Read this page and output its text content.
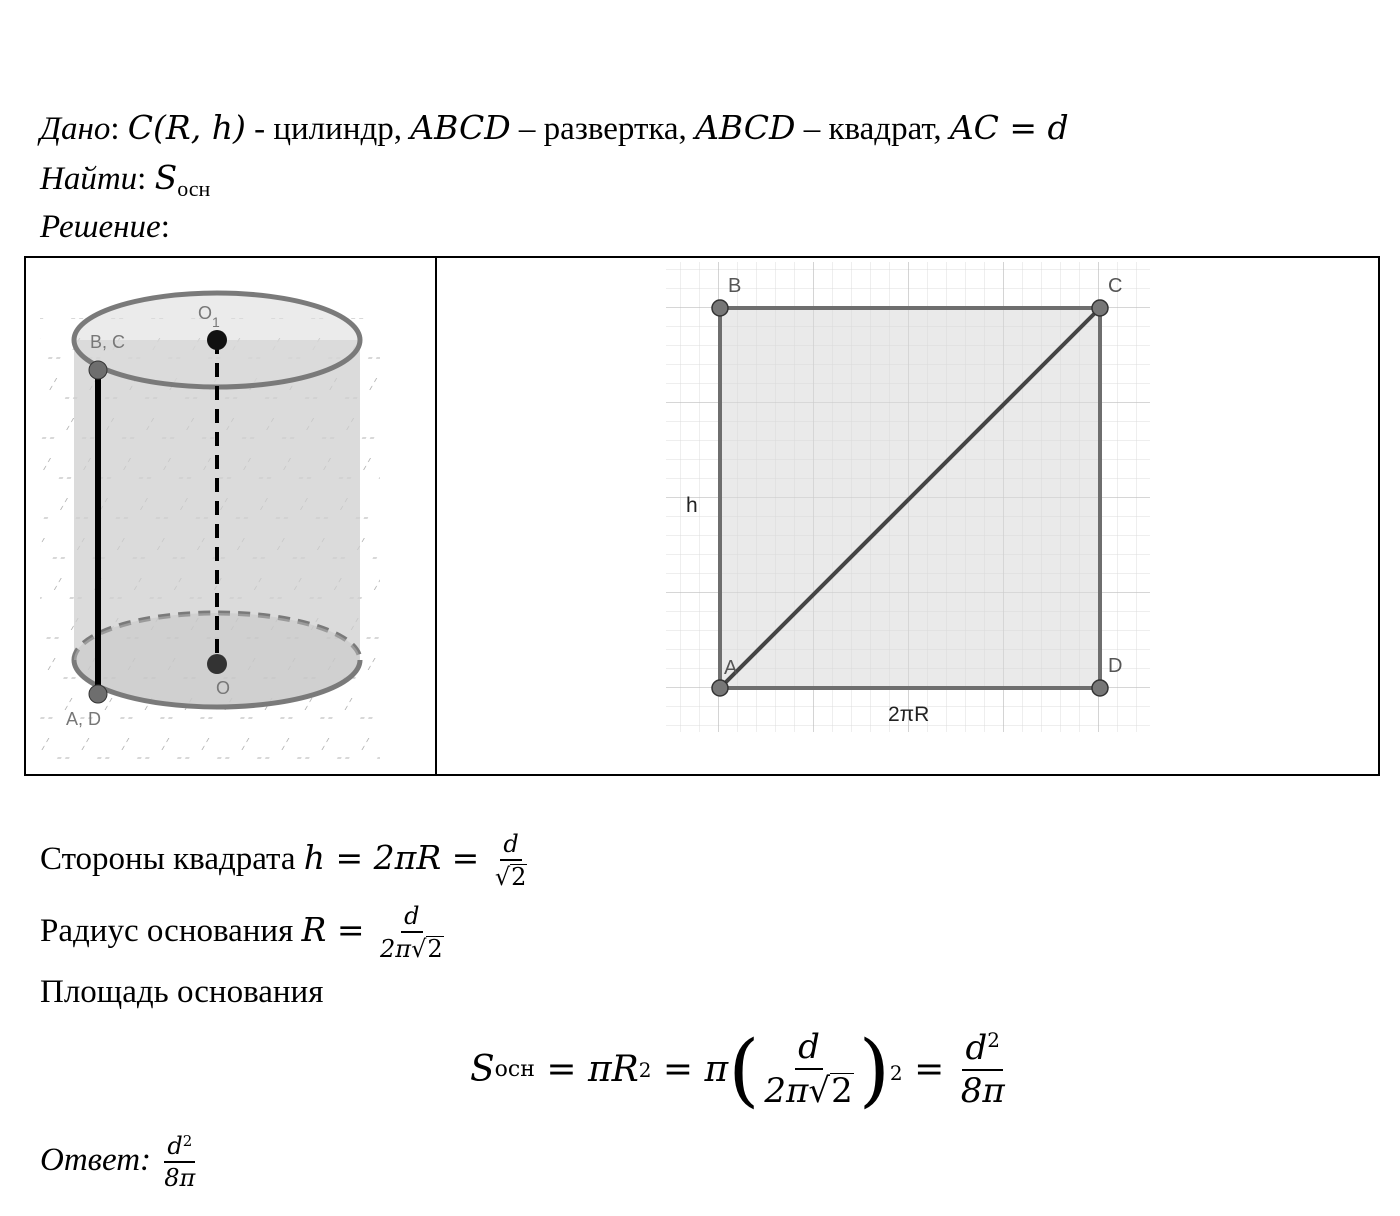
Дано: C(R, h) - цилиндр, ABCD – развертка, ABCD – квадрат, AC = d
Найти: $S_{осн}$
Решение:
B, C
$O_1$
O
A, D
B	C
A	D
h
2πR
Стороны квадрата $h = 2\pi R = \frac{d}{√ 2}$
Радиус основания $R = \frac{d}{2\pi√ 2}$
Площадь основания
S осн = πR 2 = π ( $\frac{d}{2\pi√ 2}$ ) $2 = \frac{d^2}{8\pi}$
Ответ: $\frac{d^2}{8\pi}$
